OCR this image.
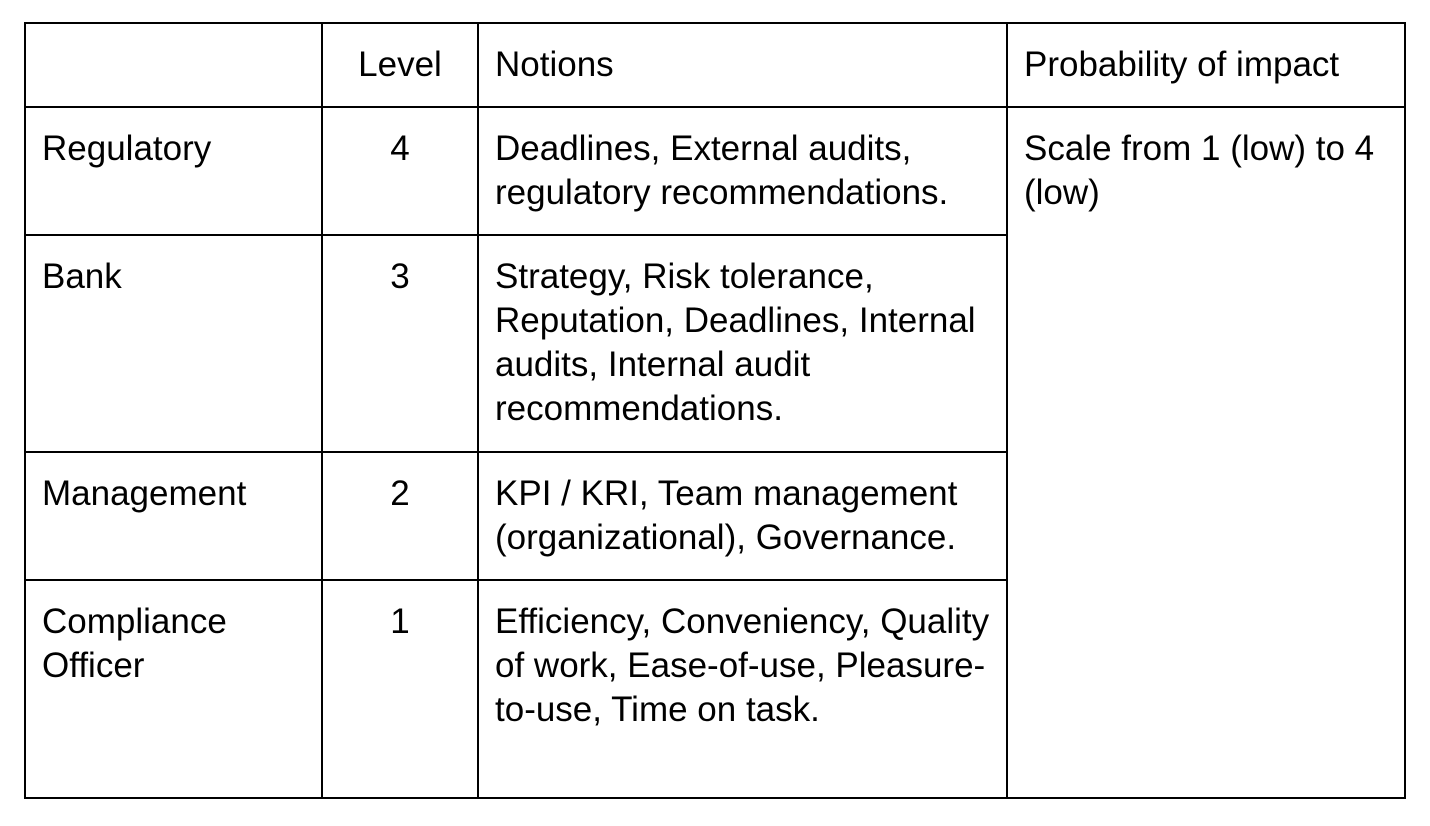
	Level	Notions	Probability of impact
Regulatory	4	Deadlines, External audits, regulatory recommendations.	Scale from 1 (low) to 4 (low)
Bank	3	Strategy, Risk tolerance, Reputation, Deadlines, Internal audits, Internal audit recommendations.	
Management	2	KPI / KRI, Team management (organizational), Governance.	
Compliance Officer	1	Efficiency, Conveniency, Quality of work, Ease-of-use, Pleasure-to-use, Time on task.	
